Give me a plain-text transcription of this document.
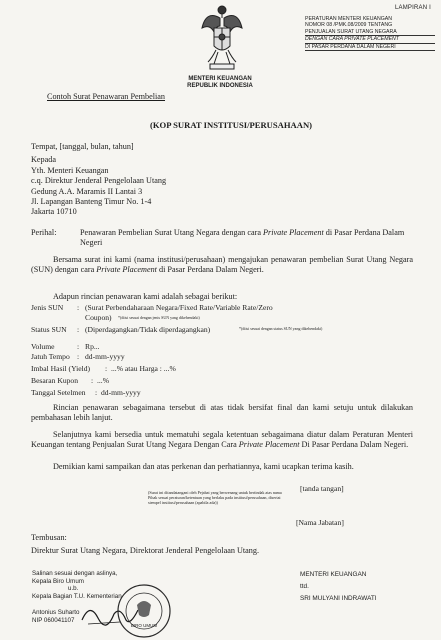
LAMPIRAN I
PERATURAN MENTERI KEUANGAN
NOMOR 08 /PMK.08/2009 TENTANG
PENJUALAN SURAT UTANG NEGARA
DENGAN CARA PRIVATE PLACEMENT
DI PASAR PERDANA DALAM NEGERI
MENTERI KEUANGAN
REPUBLIK INDONESIA
Contoh Surat Penawaran Pembelian
(KOP SURAT INSTITUSI/PERUSAHAAN)
Tempat, [tanggal, bulan, tahun]
Kepada
Yth. Menteri Keuangan
c.q. Direktur Jenderal Pengelolaan Utang
Gedung A.A. Maramis II Lantai 3
Jl. Lapangan Banteng Timur No. 1-4
Jakarta 10710
Perihal:	Penawaran Pembelian Surat Utang Negara dengan cara Private Placement di Pasar Perdana Dalam Negeri
Bersama surat ini kami (nama institusi/perusahaan) mengajukan penawaran pembelian Surat Utang Negara (SUN) dengan cara Private Placement di Pasar Perdana Dalam Negeri.
Adapun rincian penawaran kami adalah sebagai berikut:
Jenis SUN : (Surat Perbendaharaan Negara/Fixed Rate/Variable Rate/Zero
Coupon) *(diisi sesuai dengan jenis SUN yang dikehendaki)
Status SUN : (Diperdagangkan/Tidak diperdagangkan)	*(diisi sesuai dengan status SUN yang dikehendaki)
Volume	: Rp...
Jatuh Tempo : dd-mm-yyyy
Imbal Hasil (Yield) : ...% atau Harga : ...%
Besaran Kupon : ...%
Tanggal Setelmen : dd-mm-yyyy
Rincian penawaran sebagaimana tersebut di atas tidak bersifat final dan kami setuju untuk dilakukan pembahasan lebih lanjut.
Selanjutnya kami bersedia untuk mematuhi segala ketentuan sebagaimana diatur dalam Peraturan Menteri Keuangan tentang Penjualan Surat Utang Negara Dengan Cara Private Placement Di Pasar Perdana Dalam Negeri.
Demikian kami sampaikan dan atas perkenan dan perhatiannya, kami ucapkan terima kasih.
(Surat ini ditandatangani oleh Pejabat yang berwenang untuk bertindak atas nama Pihak sesuai peraturan/ketentuan yang berlaku pada institusi/perusahaan, disertai stempel institusi/perusahaan (apabila ada))
[tanda tangan]
[Nama Jabatan]
Tembusan:
Direktur Surat Utang Negara, Direktorat Jenderal Pengelolaan Utang.
Salinan sesuai dengan aslinya,
Kepala Biro Umum
u.b.
Kepala Bagian T.U. Kementerian
Antonius Suharto
NIP 060041107
BIRO UMUM
MENTERI KEUANGAN
ttd.
SRI MULYANI INDRAWATI
